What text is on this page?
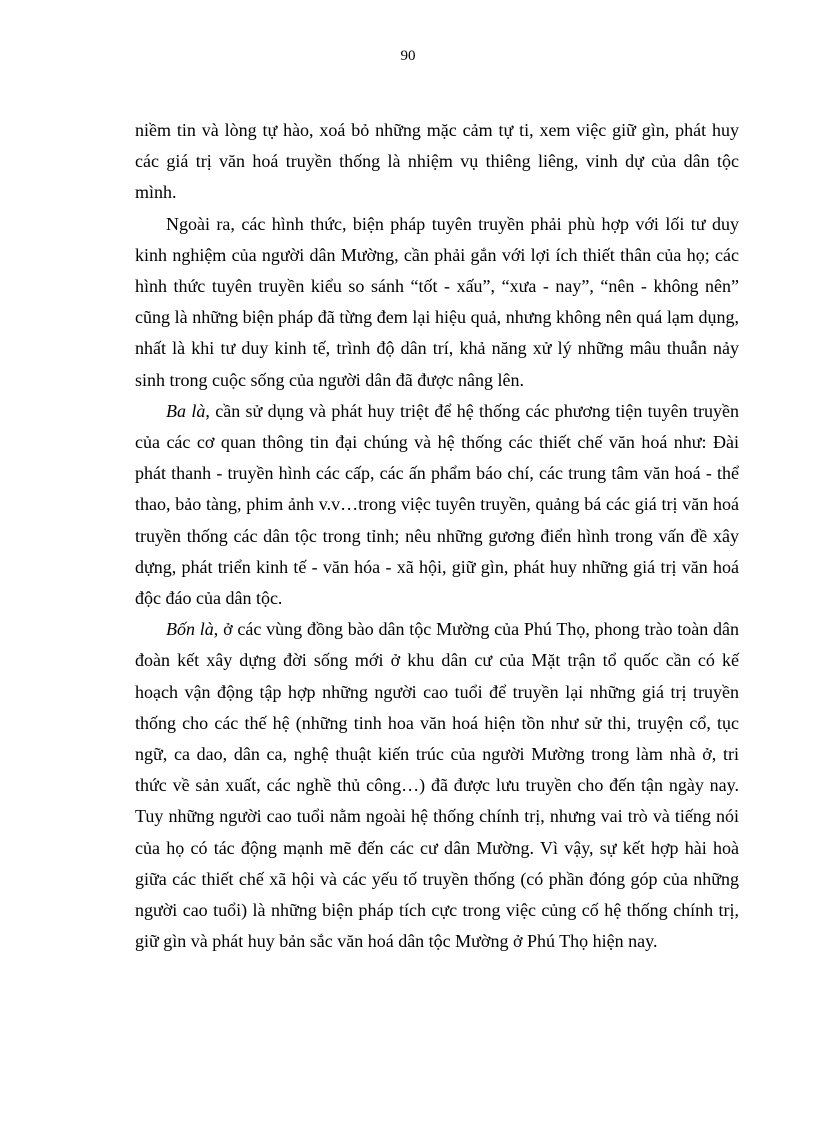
90

niềm tin và lòng tự hào, xoá bỏ những mặc cảm tự ti, xem việc giữ gìn, phát huy các giá trị văn hoá truyền thống là nhiệm vụ thiêng liêng, vinh dự của dân tộc mình.

Ngoài ra, các hình thức, biện pháp tuyên truyền phải phù hợp với lối tư duy kinh nghiệm của người dân Mường, cần phải gắn với lợi ích thiết thân của họ; các hình thức tuyên truyền kiểu so sánh “tốt - xấu”, “xưa - nay”, “nên - không nên” cũng là những biện pháp đã từng đem lại hiệu quả, nhưng không nên quá lạm dụng, nhất là khi tư duy kinh tế, trình độ dân trí, khả năng xử lý những mâu thuẫn nảy sinh trong cuộc sống của người dân đã được nâng lên.

Ba là, cần sử dụng và phát huy triệt để hệ thống các phương tiện tuyên truyền của các cơ quan thông tin đại chúng và hệ thống các thiết chế văn hoá như: Đài phát thanh - truyền hình các cấp, các ấn phẩm báo chí, các trung tâm văn hoá - thể thao, bảo tàng, phim ảnh v.v…trong việc tuyên truyền, quảng bá các giá trị văn hoá truyền thống các dân tộc trong tỉnh; nêu những gương điển hình trong vấn đề xây dựng, phát triển kinh tế - văn hóa - xã hội, giữ gìn, phát huy những giá trị văn hoá độc đáo của dân tộc.

Bốn là, ở các vùng đồng bào dân tộc Mường của Phú Thọ, phong trào toàn dân đoàn kết xây dựng đời sống mới ở khu dân cư của Mặt trận tổ quốc cần có kế hoạch vận động tập hợp những người cao tuổi để truyền lại những giá trị truyền thống cho các thế hệ (những tinh hoa văn hoá hiện tồn như sử thi, truyện cổ, tục ngữ, ca dao, dân ca, nghệ thuật kiến trúc của người Mường trong làm nhà ở, tri thức về sản xuất, các nghề thủ công…) đã được lưu truyền cho đến tận ngày nay. Tuy những người cao tuổi nằm ngoài hệ thống chính trị, nhưng vai trò và tiếng nói của họ có tác động mạnh mẽ đến các cư dân Mường. Vì vậy, sự kết hợp hài hoà giữa các thiết chế xã hội và các yếu tố truyền thống (có phần đóng góp của những người cao tuổi) là những biện pháp tích cực trong việc củng cố hệ thống chính trị, giữ gìn và phát huy bản sắc văn hoá dân tộc Mường ở Phú Thọ hiện nay.
